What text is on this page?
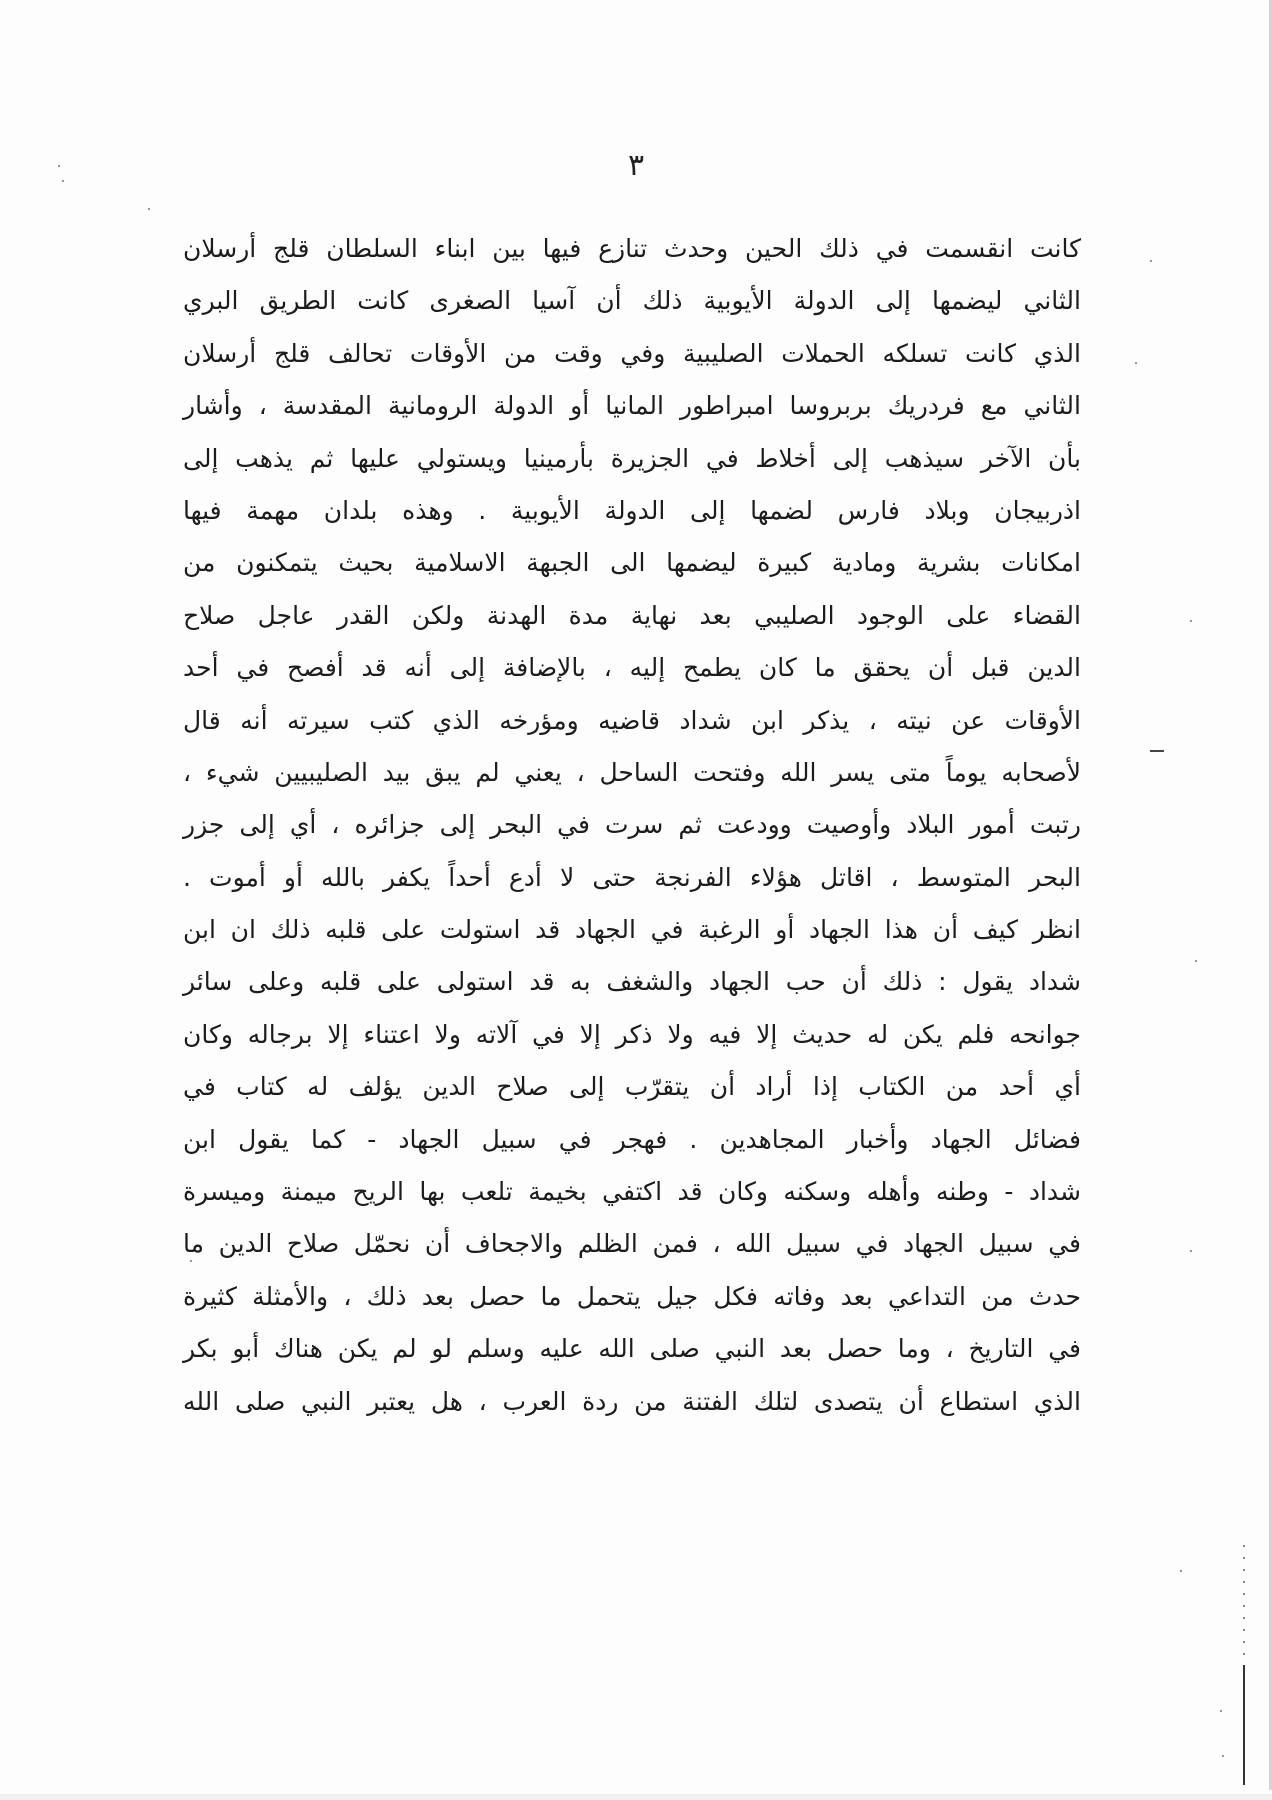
٣
كانت انقسمت في ذلك الحين وحدث تنازع فيها بين ابناء السلطان قلج أرسلان
الثاني ليضمها إلى الدولة الأيوبية ذلك أن آسيا الصغرى كانت الطريق البري
الذي كانت تسلكه الحملات الصليبية وفي وقت من الأوقات تحالف قلج أرسلان
الثاني مع فردريك بربروسا امبراطور المانيا أو الدولة الرومانية المقدسة ، وأشار
بأن الآخر سيذهب إلى أخلاط في الجزيرة بأرمينيا ويستولي عليها ثم يذهب إلى
اذربيجان وبلاد فارس لضمها إلى الدولة الأيوبية . وهذه بلدان مهمة فيها
امكانات بشرية ومادية كبيرة ليضمها الى الجبهة الاسلامية بحيث يتمكنون من
القضاء على الوجود الصليبي بعد نهاية مدة الهدنة ولكن القدر عاجل صلاح
الدين قبل أن يحقق ما كان يطمح إليه ، بالإضافة إلى أنه قد أفصح في أحد
الأوقات عن نيته ، يذكر ابن شداد قاضيه ومؤرخه الذي كتب سيرته أنه قال
لأصحابه يوماً متى يسر الله وفتحت الساحل ، يعني لم يبق بيد الصليبيين شيء ،
رتبت أمور البلاد وأوصيت وودعت ثم سرت في البحر إلى جزائره ، أي إلى جزر
البحر المتوسط ، اقاتل هؤلاء الفرنجة حتى لا أدع أحداً يكفر بالله أو أموت .
انظر كيف أن هذا الجهاد أو الرغبة في الجهاد قد استولت على قلبه ذلك ان ابن
شداد يقول : ذلك أن حب الجهاد والشغف به قد استولى على قلبه وعلى سائر
جوانحه فلم يكن له حديث إلا فيه ولا ذكر إلا في آلاته ولا اعتناء إلا برجاله وكان
أي أحد من الكتاب إذا أراد أن يتقرّب إلى صلاح الدين يؤلف له كتاب في
فضائل الجهاد وأخبار المجاهدين . فهجر في سبيل الجهاد - كما يقول ابن
شداد - وطنه وأهله وسكنه وكان قد اكتفي بخيمة تلعب بها الريح ميمنة وميسرة
في سبيل الجهاد في سبيل الله ، فمن الظلم والاجحاف أن نحمّل صلاح الدين ما
حدث من التداعي بعد وفاته فكل جيل يتحمل ما حصل بعد ذلك ، والأمثلة كثيرة
في التاريخ ، وما حصل بعد النبي صلى الله عليه وسلم لو لم يكن هناك أبو بكر
الذي استطاع أن يتصدى لتلك الفتنة من ردة العرب ، هل يعتبر النبي صلى الله
